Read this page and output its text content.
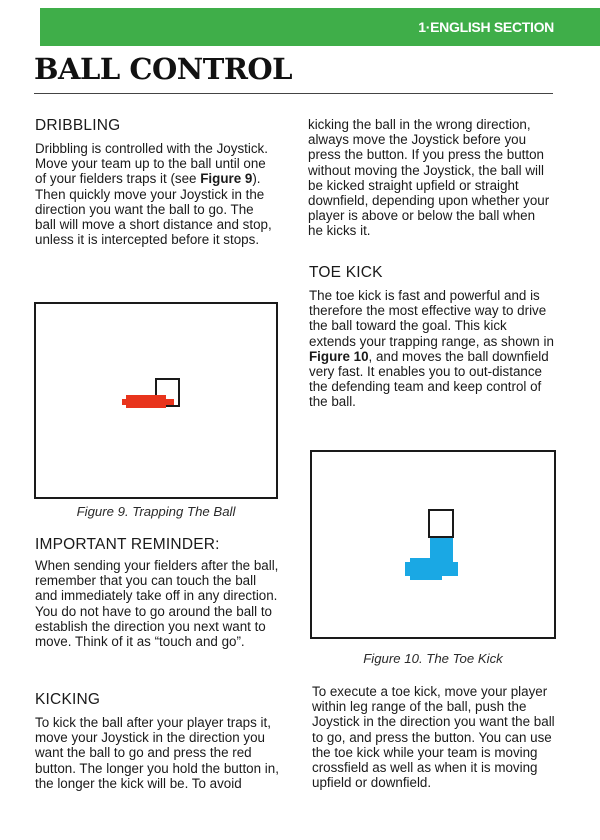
1·ENGLISH SECTION
BALL CONTROL
DRIBBLING

Dribbling is controlled with the Joystick. Move your team up to the ball until one of your fielders traps it (see Figure 9). Then quickly move your Joystick in the direction you want the ball to go. The ball will move a short distance and stop, unless it is intercepted before it stops.

Figure 9. Trapping The Ball

IMPORTANT REMINDER:

When sending your fielders after the ball, remember that you can touch the ball and immediately take off in any direction. You do not have to go around the ball to establish the direction you next want to move. Think of it as “touch and go”.

KICKING

To kick the ball after your player traps it, move your Joystick in the direction you want the ball to go and press the red button. The longer you hold the button in, the longer the kick will be. To avoid

kicking the ball in the wrong direction, always move the Joystick before you press the button. If you press the button without moving the Joystick, the ball will be kicked straight upfield or straight downfield, depending upon whether your player is above or below the ball when he kicks it.

TOE KICK

The toe kick is fast and powerful and is therefore the most effective way to drive the ball toward the goal. This kick extends your trapping range, as shown in Figure 10, and moves the ball downfield very fast. It enables you to out-distance the defending team and keep control of the ball.

Figure 10. The Toe Kick

To execute a toe kick, move your player within leg range of the ball, push the Joystick in the direction you want the ball to go, and press the button. You can use the toe kick while your team is moving crossfield as well as when it is moving upfield or downfield.
